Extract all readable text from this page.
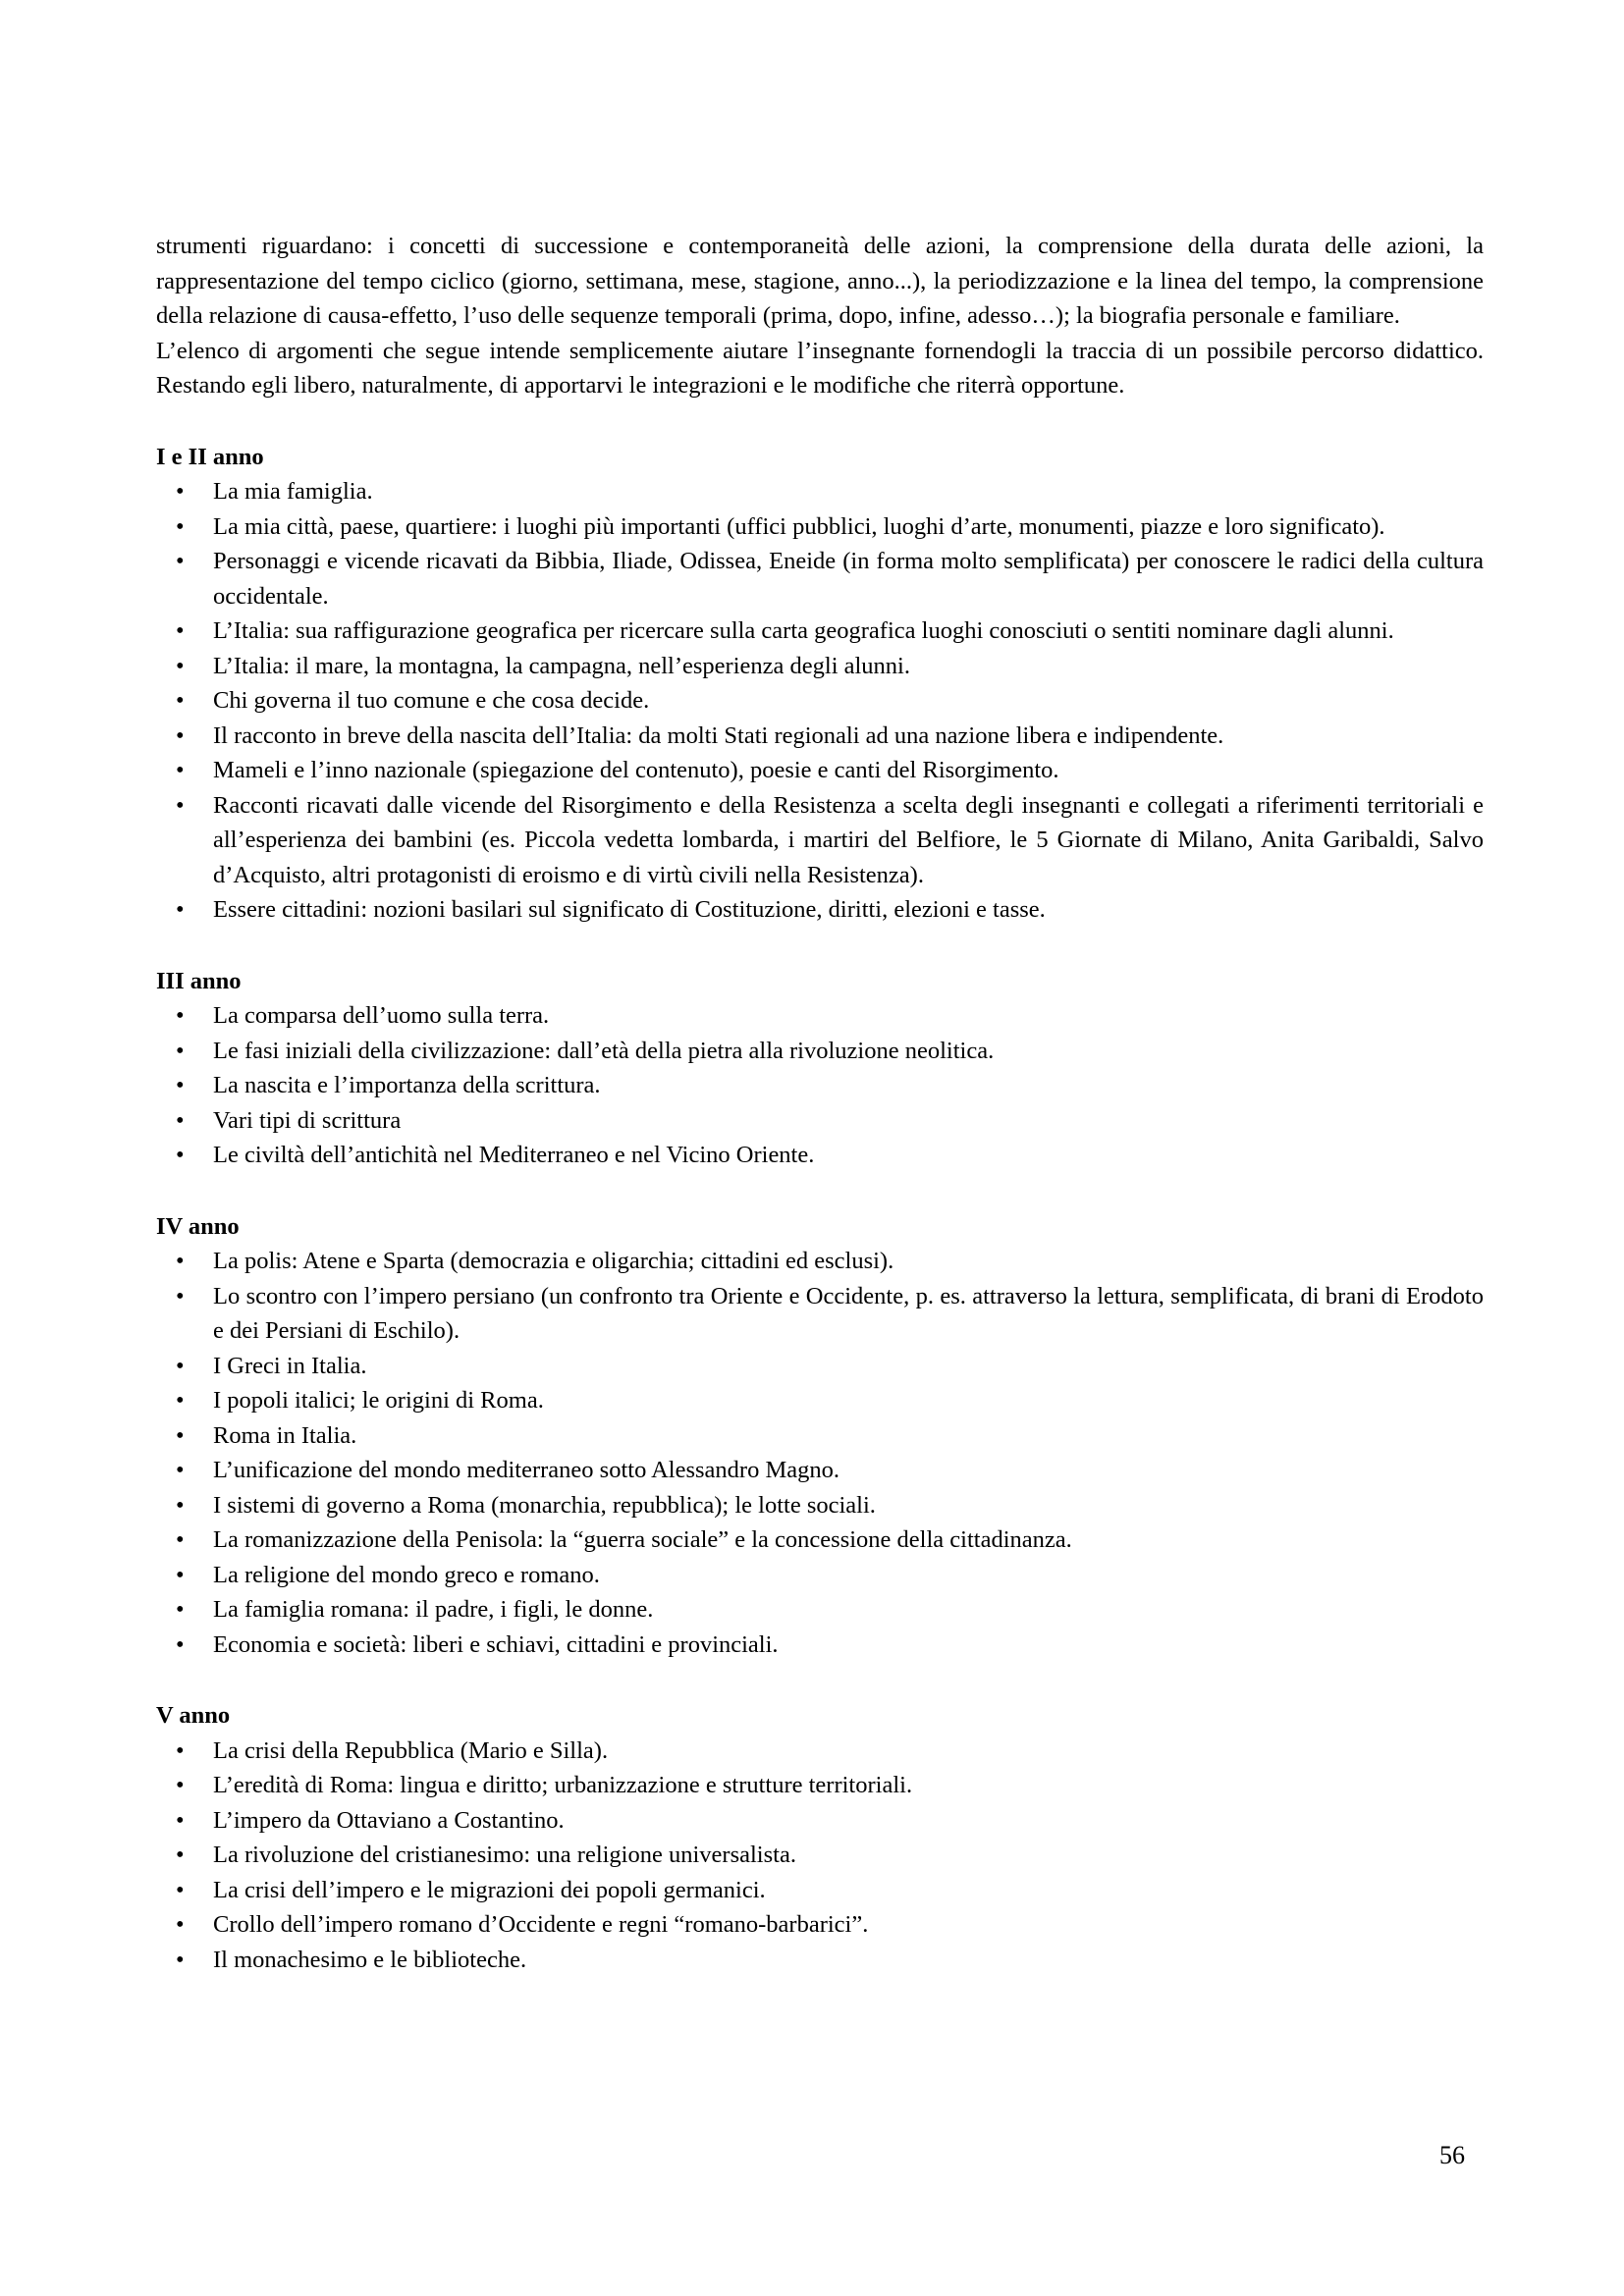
strumenti riguardano: i concetti di successione e contemporaneità delle azioni, la comprensione della durata delle azioni, la rappresentazione del tempo ciclico (giorno, settimana, mese, stagione, anno...), la periodizzazione e la linea del tempo, la comprensione della relazione di causa-effetto, l’uso delle sequenze temporali (prima, dopo, infine, adesso…); la biografia personale e familiare.

L’elenco di argomenti che segue intende semplicemente aiutare l’insegnante fornendogli la traccia di un possibile percorso didattico. Restando egli libero, naturalmente, di apportarvi le integrazioni e le modifiche che riterrà opportune.

I e II anno

• La mia famiglia.
• La mia città, paese, quartiere: i luoghi più importanti (uffici pubblici, luoghi d’arte, monumenti, piazze e loro significato).
• Personaggi e vicende ricavati da Bibbia, Iliade, Odissea, Eneide (in forma molto semplificata) per conoscere le radici della cultura occidentale.
• L’Italia: sua raffigurazione geografica per ricercare sulla carta geografica luoghi conosciuti o sentiti nominare dagli alunni.
• L’Italia: il mare, la montagna, la campagna, nell’esperienza degli alunni.
• Chi governa il tuo comune e che cosa decide.
• Il racconto in breve della nascita dell’Italia: da molti Stati regionali ad una nazione libera e indipendente.
• Mameli e l’inno nazionale (spiegazione del contenuto), poesie e canti del Risorgimento.
• Racconti ricavati dalle vicende del Risorgimento e della Resistenza a scelta degli insegnanti e collegati a riferimenti territoriali e all’esperienza dei bambini (es. Piccola vedetta lombarda, i martiri del Belfiore, le 5 Giornate di Milano, Anita Garibaldi, Salvo d’Acquisto, altri protagonisti di eroismo e di virtù civili nella Resistenza).
• Essere cittadini: nozioni basilari sul significato di Costituzione, diritti, elezioni e tasse.

III anno

• La comparsa dell’uomo sulla terra.
• Le fasi iniziali della civilizzazione: dall’età della pietra alla rivoluzione neolitica.
• La nascita e l’importanza della scrittura.
• Vari tipi di scrittura
• Le civiltà dell’antichità nel Mediterraneo e nel Vicino Oriente.

IV anno

• La polis: Atene e Sparta (democrazia e oligarchia; cittadini ed esclusi).
• Lo scontro con l’impero persiano (un confronto tra Oriente e Occidente, p. es. attraverso la lettura, semplificata, di brani di Erodoto e dei Persiani di Eschilo).
• I Greci in Italia.
• I popoli italici; le origini di Roma.
• Roma in Italia.
• L’unificazione del mondo mediterraneo sotto Alessandro Magno.
• I sistemi di governo a Roma (monarchia, repubblica); le lotte sociali.
• La romanizzazione della Penisola: la “guerra sociale” e la concessione della cittadinanza.
• La religione del mondo greco e romano.
• La famiglia romana: il padre, i figli, le donne.
• Economia e società: liberi e schiavi, cittadini e provinciali.

V anno

• La crisi della Repubblica (Mario e Silla).
• L’eredità di Roma: lingua e diritto; urbanizzazione e strutture territoriali.
• L’impero da Ottaviano a Costantino.
• La rivoluzione del cristianesimo: una religione universalista.
• La crisi dell’impero e le migrazioni dei popoli germanici.
• Crollo dell’impero romano d’Occidente e regni “romano-barbarici”.
• Il monachesimo e le biblioteche.
56
